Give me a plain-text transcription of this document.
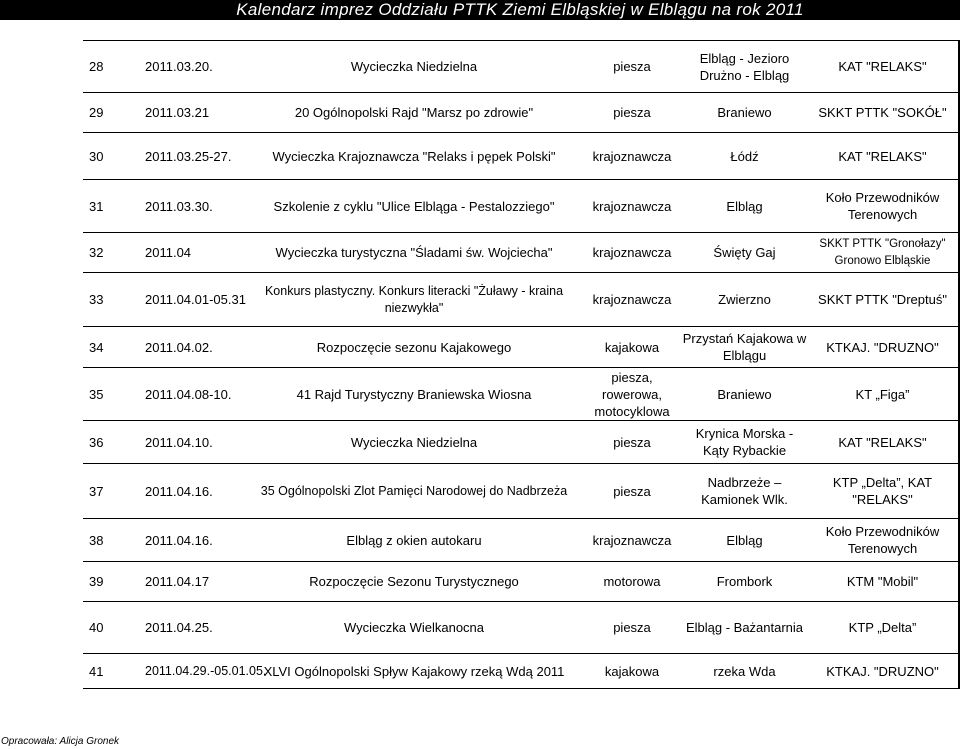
Kalendarz imprez Oddziału PTTK Ziemi Elbląskiej w Elblągu na rok 2011
28	2011.03.20.	Wycieczka Niedzielna	piesza	Elbląg - Jezioro Drużno - Elbląg	KAT "RELAKS"
29	2011.03.21	20 Ogólnopolski Rajd "Marsz po zdrowie"	piesza	Braniewo	SKKT PTTK "SOKÓŁ"
30	2011.03.25-27.	Wycieczka Krajoznawcza "Relaks i pępek Polski"	krajoznawcza	Łódź	KAT "RELAKS"
31	2011.03.30.	Szkolenie z cyklu "Ulice Elbląga - Pestalozziego"	krajoznawcza	Elbląg	Koło Przewodników Terenowych
32	2011.04	Wycieczka turystyczna "Śladami św. Wojciecha"	krajoznawcza	Święty Gaj	SKKT PTTK "Gronołazy" Gronowo Elbląskie
33	2011.04.01-05.31	Konkurs plastyczny. Konkurs literacki "Żuławy - kraina niezwykła"	krajoznawcza	Zwierzno	SKKT PTTK "Dreptuś"
34	2011.04.02.	Rozpoczęcie sezonu Kajakowego	kajakowa	Przystań Kajakowa w Elblągu	KTKAJ. "DRUZNO"
35	2011.04.08-10.	41 Rajd Turystyczny Braniewska Wiosna	piesza, rowerowa, motocyklowa	Braniewo	KT „Figa”
36	2011.04.10.	Wycieczka Niedzielna	piesza	Krynica Morska - Kąty Rybackie	KAT "RELAKS"
37	2011.04.16.	35 Ogólnopolski Zlot Pamięci Narodowej do Nadbrzeża	piesza	Nadbrzeże – Kamionek Wlk.	KTP „Delta”, KAT "RELAKS"
38	2011.04.16.	Elbląg z okien autokaru	krajoznawcza	Elbląg	Koło Przewodników Terenowych
39	2011.04.17	Rozpoczęcie Sezonu Turystycznego	motorowa	Frombork	KTM "Mobil"
40	2011.04.25.	Wycieczka Wielkanocna	piesza	Elbląg - Bażantarnia	KTP „Delta”
41	2011.04.29.-05.01.05.	XLVI Ogólnopolski Spływ Kajakowy rzeką Wdą 2011	kajakowa	rzeka Wda	KTKAJ. "DRUZNO"
Opracowała: Alicja Gronek
